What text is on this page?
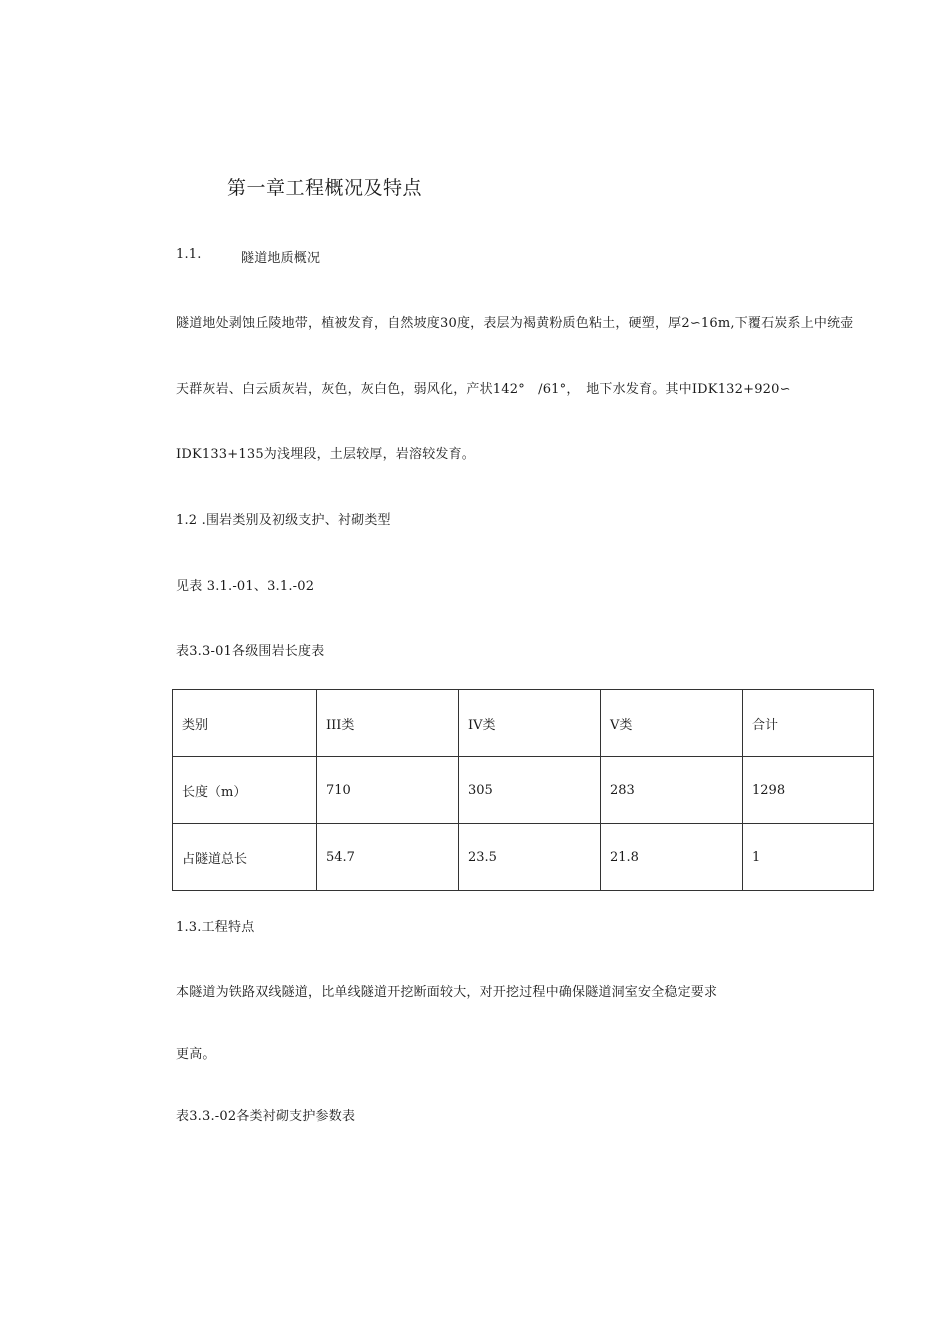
第一章工程概况及特点
1.1.	隧道地质概况
隧道地处剥蚀丘陵地带，植被发育，自然坡度30度，表层为褐黄粉质色粘土，硬塑，厚2∽16m,下覆石炭系上中统壶
天群灰岩、白云质灰岩，灰色，灰白色，弱风化，产状142°　/61°，　地下水发育。其中IDK132+920∽
IDK133+135为浅埋段，土层较厚，岩溶较发育。
1.2 .围岩类别及初级支护、衬砌类型
见表 3.1.-01、3.1.-02
表3.3-01各级围岩长度表
类别	III类	IV类	V类	合计
长度（m）	710	305	283	1298
占隧道总长	54.7	23.5	21.8	1
1.3.工程特点
本隧道为铁路双线隧道，比单线隧道开挖断面较大，对开挖过程中确保隧道洞室安全稳定要求
更高。
表3.3.-02各类衬砌支护参数表
